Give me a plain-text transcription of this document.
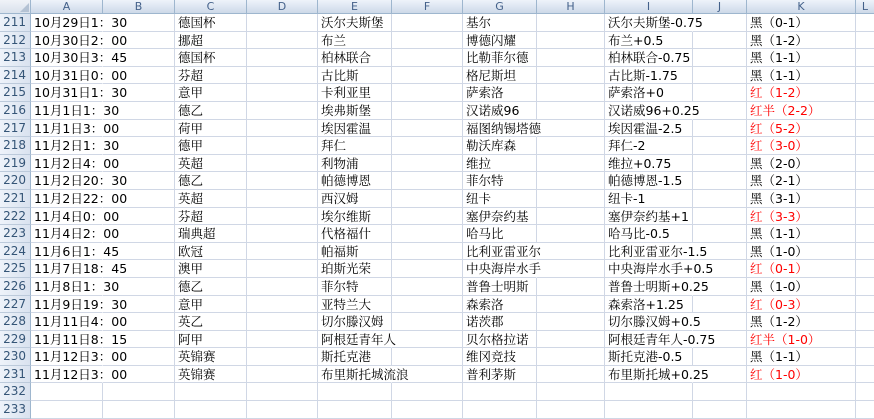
A	B	C	D	E	F	G	H	I	J	K	L
211 10月29日1：30	德国杯	沃尔夫斯堡	基尔	沃尔夫斯堡-0.75	黑（0-1）
212 10月30日2：00	挪超	布兰	博德闪耀	布兰+0.5	黑（1-2）
213 10月30日3：45	德国杯	柏林联合	比勒菲尔德	柏林联合-0.75	黑（1-1）
214 10月31日0：00	芬超	古比斯	格尼斯坦	古比斯-1.75	黑（1-1）
215 10月31日1：30	意甲	卡利亚里	萨索洛	萨索洛+0	红（1-2）
216 11月1日1：30	德乙	埃弗斯堡	汉诺威96	汉诺威96+0.25	红半（2-2）
217 11月1日3：00	荷甲	埃因霍温	福图纳锡塔德	埃因霍温-2.5	红（5-2）
218 11月2日1：30	德甲	拜仁	勒沃库森	拜仁-2	红（3-0）
219 11月2日4：00	英超	利物浦	维拉	维拉+0.75	黑（2-0）
220 11月2日20：30	德乙	帕德博恩	菲尔特	帕德博恩-1.5	黑（2-1）
221 11月2日22：00	英超	西汉姆	纽卡	纽卡-1	黑（3-1）
222 11月4日0：00	芬超	埃尔维斯	塞伊奈约基	塞伊奈约基+1	红（3-3）
223 11月4日2：00	瑞典超	代格福什	哈马比	哈马比-0.5	黑（1-1）
224 11月6日1：45	欧冠	帕福斯	比利亚雷亚尔	比利亚雷亚尔-1.5	黑（1-0）
225 11月7日18：45	澳甲	珀斯光荣	中央海岸水手	中央海岸水手+0.5	红（0-1）
226 11月8日1：30	德乙	菲尔特	普鲁士明斯	普鲁士明斯+0.25	黑（1-0）
227 11月9日19：30	意甲	亚特兰大	森索洛	森索洛+1.25	红（0-3）
228 11月11日4：00	英乙	切尔滕汉姆	诺茨郡	切尔滕汉姆+0.5	黑（1-2）
229 11月11日8：15	阿甲	阿根廷青年人	贝尔格拉诺	阿根廷青年人-0.75	红半（1-0）
230 11月12日3：00	英锦赛	斯托克港	维冈竞技	斯托克港-0.5	黑（1-1）
231 11月12日3：00	英锦赛	布里斯托城流浪	普利茅斯	布里斯托城+0.25	红（1-0）
232
233
